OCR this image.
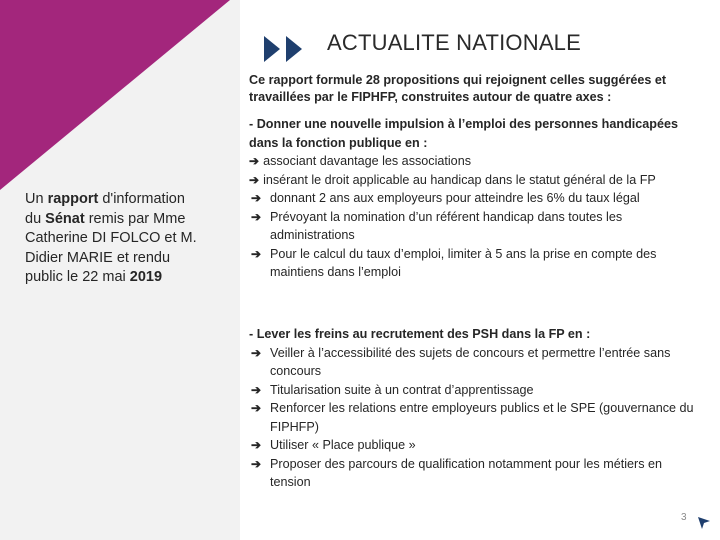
Un rapport d'information du Sénat remis par Mme Catherine DI FOLCO et M. Didier MARIE et rendu public le 22 mai 2019
ACTUALITE NATIONALE
Ce rapport formule 28 propositions qui rejoignent celles suggérées et travaillées par le FIPHFP, construites autour de quatre axes :
- Donner une nouvelle impulsion à l’emploi des personnes handicapées dans la fonction publique en :
➔ associant davantage les associations
➔ insérant le droit applicable au handicap dans le statut général de la FP
➔ donnant 2 ans aux employeurs pour atteindre les 6% du taux légal
➔ Prévoyant la nomination d’un référent handicap dans toutes les administrations
➔ Pour le calcul du taux d’emploi, limiter à 5 ans la prise en compte des maintiens dans l’emploi
- Lever les freins au recrutement des PSH dans la FP en :
➔ Veiller à l’accessibilité des sujets de concours et permettre l’entrée sans concours
➔ Titularisation suite à un contrat d’apprentissage
➔ Renforcer les relations entre employeurs publics et le SPE (gouvernance du FIPHFP)
➔ Utiliser « Place publique »
➔ Proposer des parcours de qualification notamment pour les métiers en tension
3
